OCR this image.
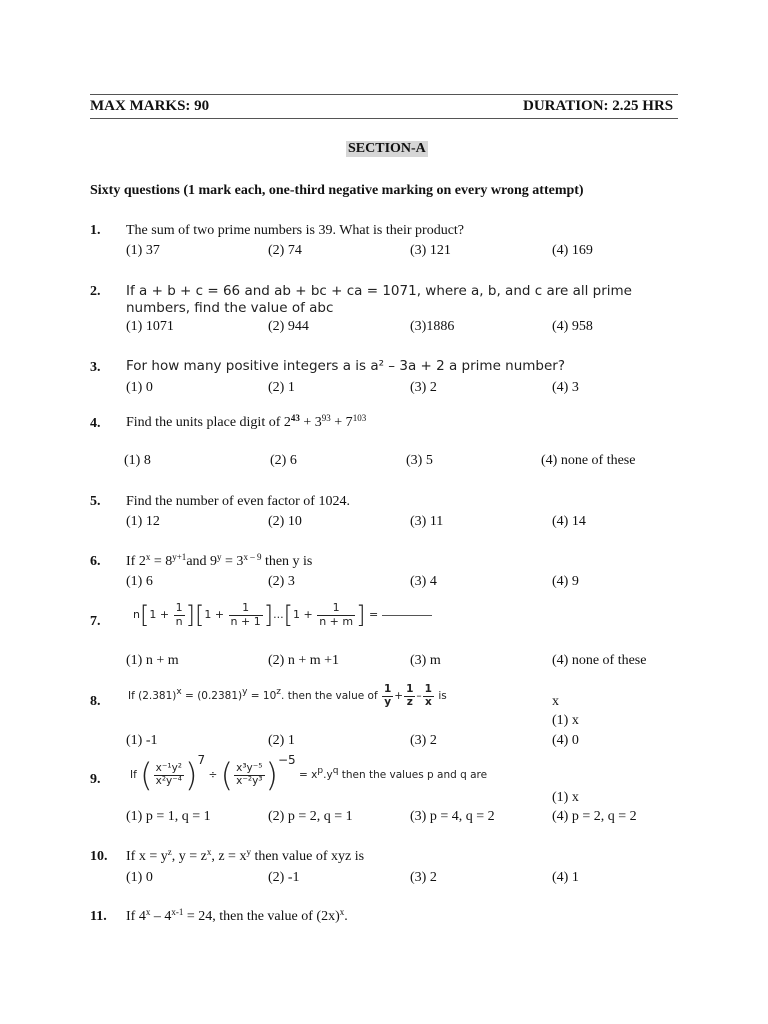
MAX MARKS: 90	DURATION: 2.25 HRS
SECTION-A
Sixty questions (1 mark each, one-third negative marking on every wrong attempt)
1. The sum of two prime numbers is 39. What is their product?
(1) 37	(2) 74	(3) 121	(4) 169
2. If a + b + c = 66 and ab + bc + ca = 1071, where a, b, and c are all prime
numbers, find the value of abc
(1) 1071	(2) 944	(3)1886	(4) 958
3. For how many positive integers a is a² – 3a + 2 a prime number?
(1) 0	(2) 1	(3) 2	(4) 3
4. Find the units place digit of $2^{43} + 3^{93} + 7^{103}$
(1) 8	(2) 6	(3) 5	(4) none of these
5. Find the number of even factor of 1024.
(1) 12	(2) 10	(3) 11	(4) 14
6. If $2^x = 8^{y+1}and$ $9^y = 3^{x - 9}$ then y is
(1) 6	(2) 3	(3) 4	(4) 9
7.	$n[1 + \frac{1}{n} ][1 + \frac{1}{n + 1} ]...[1 + \frac{1}{n + m}$ ] =
(1) n + m	(2) n + m +1	(3) m	(4) none of these
8.	If $(2.381)^x = (0.2381)^y = 10^z$. then the value of $\frac{1}{y} + \frac{1}{z} - \frac{1}{x}$ is	x
(1) x
(1) -1	(2) 1	(3) 2	(4) 0
9.	If ( $\frac{\text{x⁻¹y²}}{\text{x²y⁻⁴}} )^7$ ÷ ( $\frac{\text{x³y⁻⁵}}{\text{x⁻²y³}} )^{-5} = x^p.y^q$ then the values p and q are
(1) x
(1) p = 1, q = 1	(2) p = 2, q = 1	(3) p = 4, q = 2	(4) p = 2, q = 2
10. If $x = y^z$, $y = z^x$, $z = x^y$ then value of xyz is
(1) 0	(2) -1	(3) 2	(4) 1
11. If $4^x - 4^{x-1} = 24$, then the value of $(2x)^x$.
